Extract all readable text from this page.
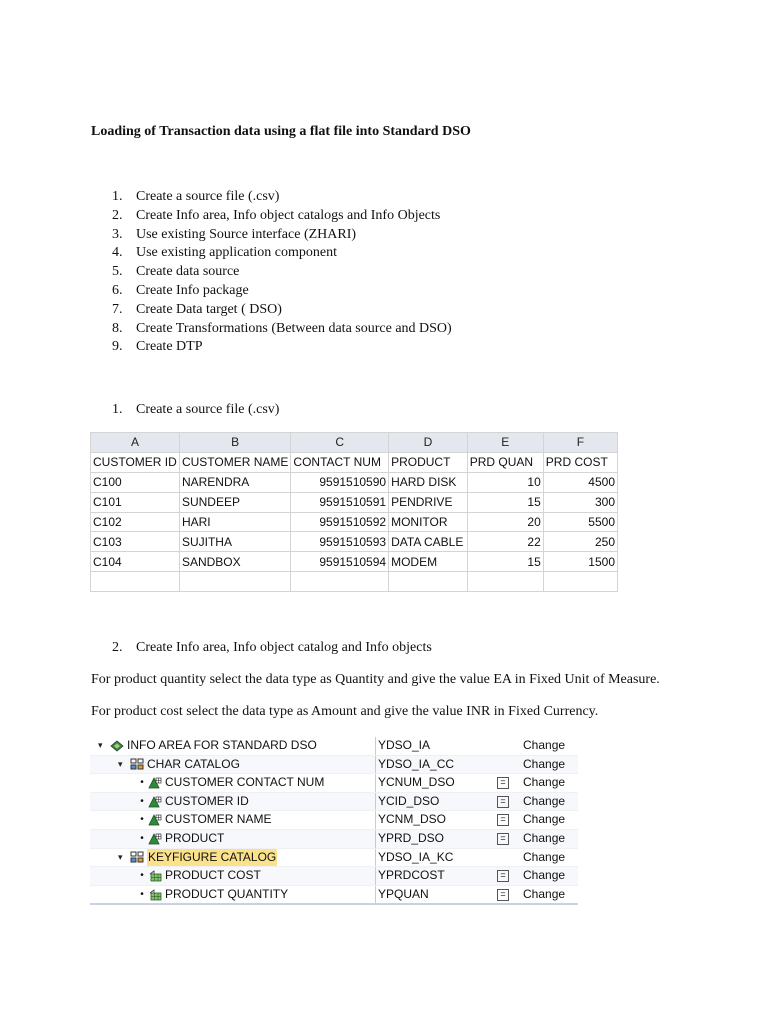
Loading of Transaction data using a flat file into Standard DSO
1. Create a source file (.csv)
2. Create Info area, Info object catalogs and Info Objects
3. Use existing Source interface (ZHARI)
4. Use existing application component
5. Create data source
6. Create Info package
7. Create Data target ( DSO)
8. Create Transformations (Between data source and DSO)
9. Create DTP
1. Create a source file (.csv)
A	B	C	D	E	F
CUSTOMER ID	CUSTOMER NAME	CONTACT NUM	PRODUCT	PRD QUAN	PRD COST
C100	NARENDRA	9591510590	HARD DISK	10	4500
C101	SUNDEEP	9591510591	PENDRIVE	15	300
C102	HARI	9591510592	MONITOR	20	5500
C103	SUJITHA	9591510593	DATA CABLE	22	250
C104	SANDBOX	9591510594	MODEM	15	1500

2. Create Info area, Info object catalog and Info objects
For product quantity select the data type as Quantity and give the value EA in Fixed Unit of Measure.
For product cost select the data type as Amount and give the value INR in Fixed Currency.
▾	INFO AREA FOR STANDARD DSO	YDSO_IA	Change
▾	CHAR CATALOG	YDSO_IA_CC	Change
•	CUSTOMER CONTACT NUM	YCNUM_DSO	= Change
•	CUSTOMER ID	YCID_DSO	= Change
•	CUSTOMER NAME	YCNM_DSO	= Change
•	PRODUCT	YPRD_DSO	= Change
▾	KEYFIGURE CATALOG	YDSO_IA_KC	Change
•	PRODUCT COST	YPRDCOST	= Change
•	PRODUCT QUANTITY	YPQUAN	= Change
